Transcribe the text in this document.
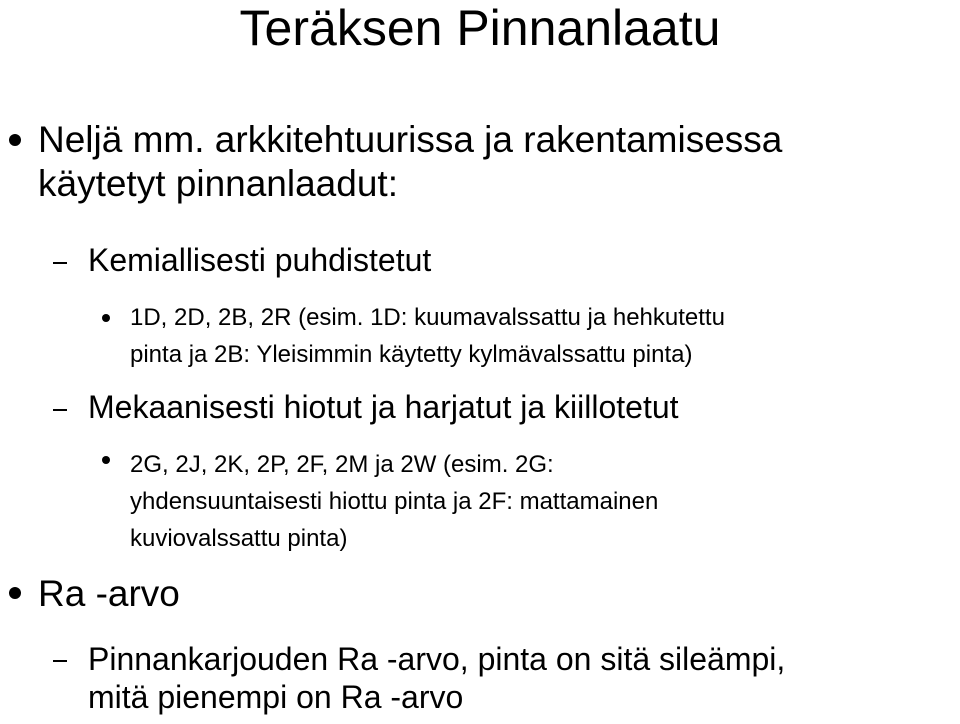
Teräksen Pinnanlaatu
Neljä mm. arkkitehtuurissa ja rakentamisessa
käytetyt pinnanlaadut:
Kemiallisesti puhdistetut
1D, 2D, 2B, 2R (esim. 1D: kuumavalssattu ja hehkutettu
pinta ja 2B: Yleisimmin käytetty kylmävalssattu pinta)
Mekaanisesti hiotut ja harjatut ja kiillotetut
2G, 2J, 2K, 2P, 2F, 2M ja 2W (esim. 2G:
yhdensuuntaisesti hiottu pinta ja 2F: mattamainen
kuviovalssattu pinta)
Ra -arvo
Pinnankarjouden Ra -arvo, pinta on sitä sileämpi,
mitä pienempi on Ra -arvo
